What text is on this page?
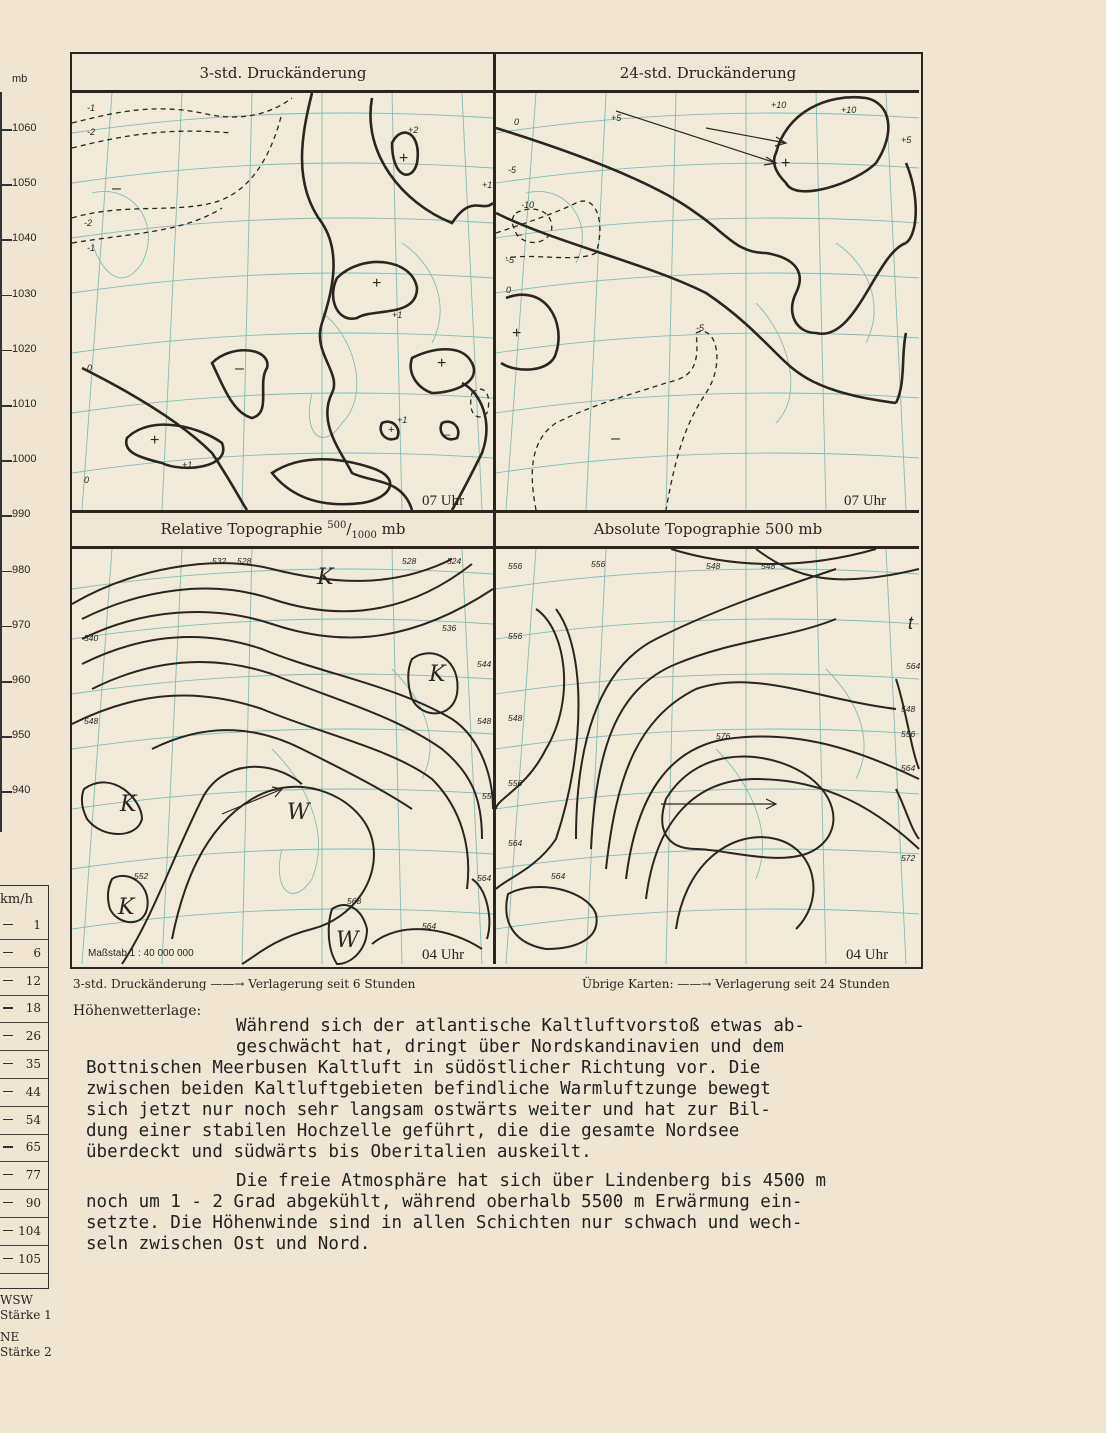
mb
1060
1050
1040
1030
1020
1010
1000
990
980
970
960
950
940
km/h
1
6
12
18
26
35
44
54
65
77
90
104
105
WSW
Stärke 1
NE
Stärke 2
3-std. Druckänderung	24-std. Druckänderung
Relative Topographie $^{500}/_{1000}$ mb	Absolute Topographie 500 mb
+
+
+
+
–
–
+	–
-1
-2
-2
-1
0
0
+1
+1
+1
+1
+2
07 Uhr
+
+
–
–
+10	+10
+5
+5
0
0
-5
-5
-10
-5
07 Uhr
K
K
K
K
W
W
532 528	528	524
536
540
544
548	548
552
556
564
564
568
Maßstab 1 : 40 000 000	04 Uhr
548	548
556	556
556
556
564
564
564
576
572
548
548
556
564
t
04 Uhr
3-std. Druckänderung ——→ Verlagerung seit 6 Stunden	Übrige Karten: ——→ Verlagerung seit 24 Stunden
Höhenwetterlage:
Während sich der atlantische Kaltluftvorstoß etwas ab-
geschwächt hat, dringt über Nordskandinavien und dem
Bottnischen Meerbusen Kaltluft in südöstlicher Richtung vor. Die
zwischen beiden Kaltluftgebieten befindliche Warmluftzunge bewegt
sich jetzt nur noch sehr langsam ostwärts weiter und hat zur Bil-
dung einer stabilen Hochzelle geführt, die die gesamte Nordsee
überdeckt und südwärts bis Oberitalien auskeilt.
Die freie Atmosphäre hat sich über Lindenberg bis 4500 m
noch um 1 - 2 Grad abgekühlt, während oberhalb 5500 m Erwärmung ein-
setzte. Die Höhenwinde sind in allen Schichten nur schwach und wech-
seln zwischen Ost und Nord.
